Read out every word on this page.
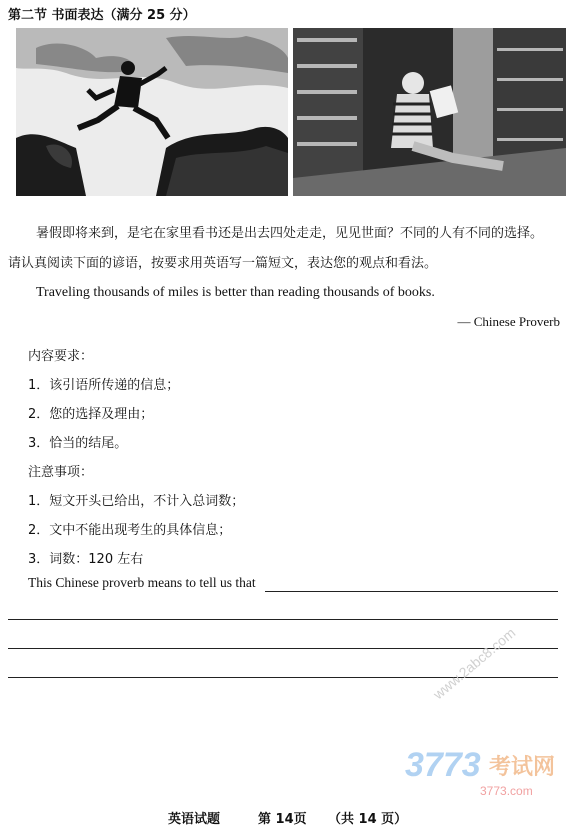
第二节 书面表达（满分 25 分）
暑假即将来到，是宅在家里看书还是出去四处走走，见见世面？不同的人有不同的选择。
请认真阅读下面的谚语，按要求用英语写一篇短文，表达您的观点和看法。
Traveling thousands of miles is better than reading thousands of books.
— Chinese Proverb
内容要求：
1．该引语所传递的信息；
2．您的选择及理由；
3．恰当的结尾。
注意事项：
1．短文开头已给出，不计入总词数；
2．文中不能出现考生的具体信息；
3．词数：120 左右
This Chinese proverb means to tell us that
3773 考试网
3773.com
www.2abc8.com
英语试题	第 14页 （共 14 页）
